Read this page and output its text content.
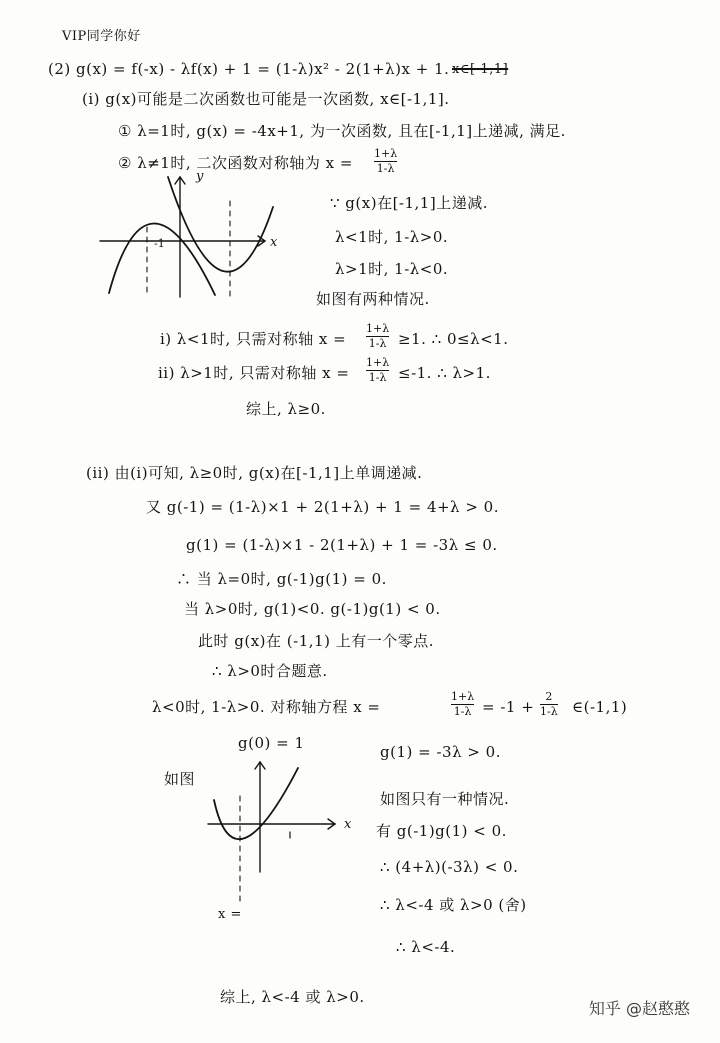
VIP同学你好
(2) g(x) = f(-x) - λf(x) + 1 = (1-λ)x² - 2(1+λ)x + 1. x∈[-1,1]
(i) g(x)可能是二次函数也可能是一次函数, x∈[-1,1].
① λ=1时, g(x) = -4x+1, 为一次函数, 且在[-1,1]上递减, 满足.
② λ≠1时, 二次函数对称轴为 x =
1+λ
1-λ
x
y
-1
∵ g(x)在[-1,1]上递减.
λ<1时, 1-λ>0.
λ>1时, 1-λ<0.
如图有两种情况.
i) λ<1时, 只需对称轴 x =
1+λ
1-λ ≥1. ∴ 0≤λ<1.
ii) λ>1时, 只需对称轴 x =
1+λ
1-λ ≤-1. ∴ λ>1.
综上, λ≥0.
(ii) 由(i)可知, λ≥0时, g(x)在[-1,1]上单调递减.
又 g(-1) = (1-λ)×1 + 2(1+λ) + 1 = 4+λ > 0.
g(1) = (1-λ)×1 - 2(1+λ) + 1 = -3λ ≤ 0.
∴ 当 λ=0时, g(-1)g(1) = 0.
当 λ>0时, g(1)<0. g(-1)g(1) < 0.
此时 g(x)在 (-1,1) 上有一个零点.
∴ λ>0时合题意.
λ<0时, 1-λ>0. 对称轴方程 x =
1+λ
1-λ = -1 +
2
1-λ ∈(-1,1)
g(0) = 1
如图
x
x =
g(1) = -3λ > 0.
如图只有一种情况.
有 g(-1)g(1) < 0.
∴ (4+λ)(-3λ) < 0.
∴ λ<-4 或 λ>0 (舍)
∴ λ<-4.
综上, λ<-4 或 λ>0.
知乎 @赵憨憨
